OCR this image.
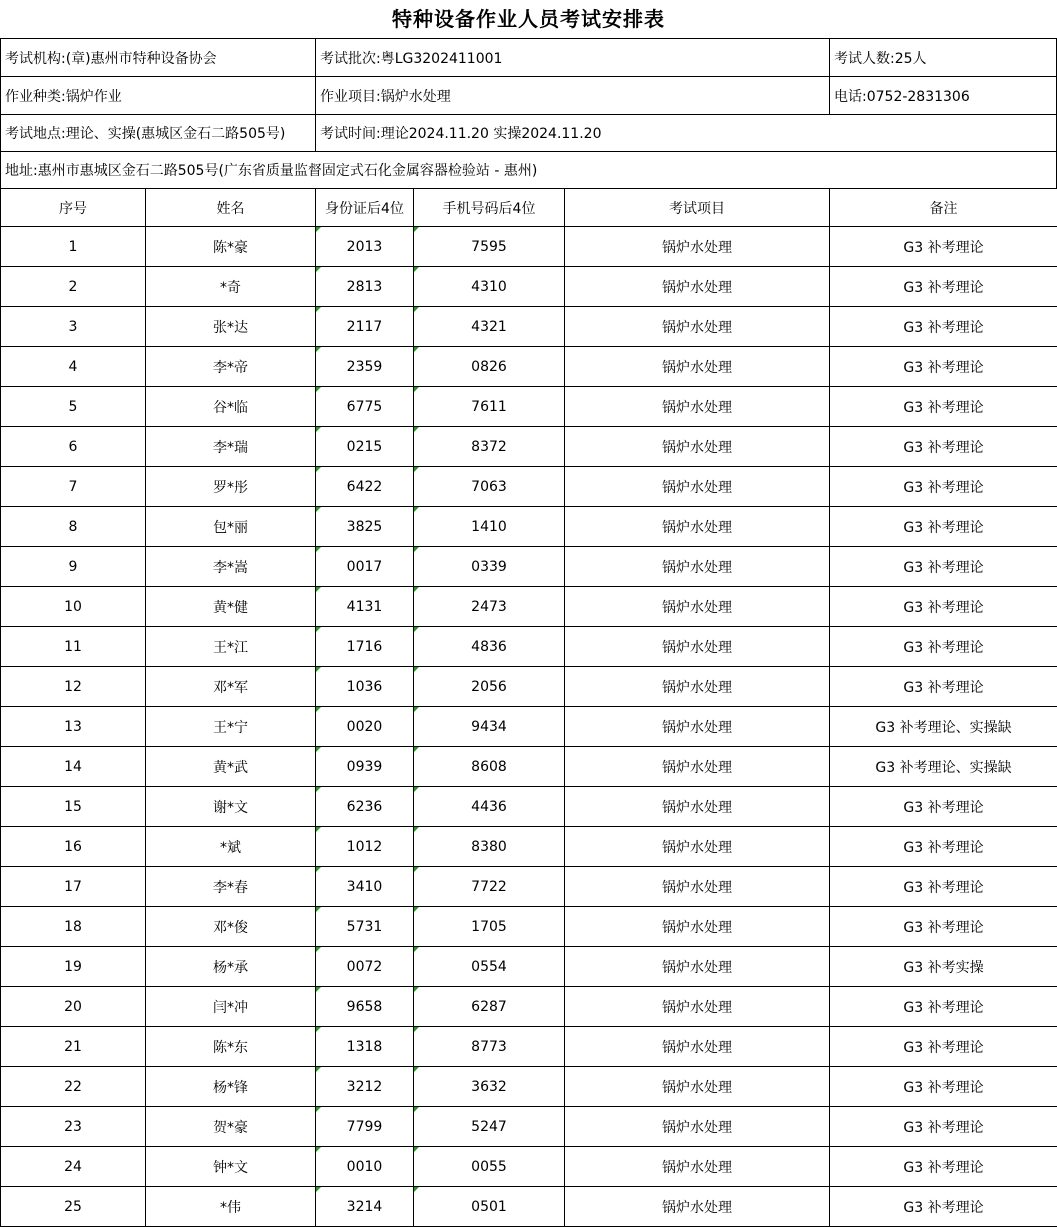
特种设备作业人员考试安排表
考试机构:(章)惠州市特种设备协会	考试批次:粤LG3202411001	考试人数:25人
作业种类:锅炉作业	作业项目:锅炉水处理	电话:0752-2831306
考试地点:理论、实操(惠城区金石二路505号)	考试时间:理论2024.11.20 实操2024.11.20
地址:惠州市惠城区金石二路505号(广东省质量监督固定式石化金属容器检验站 - 惠州)
序号	姓名	身份证后4位	手机号码后4位	考试项目	备注
1	陈*豪	2013	7595	锅炉水处理	G3 补考理论
2	*奇	2813	4310	锅炉水处理	G3 补考理论
3	张*达	2117	4321	锅炉水处理	G3 补考理论
4	李*帝	2359	0826	锅炉水处理	G3 补考理论
5	谷*临	6775	7611	锅炉水处理	G3 补考理论
6	李*瑞	0215	8372	锅炉水处理	G3 补考理论
7	罗*彤	6422	7063	锅炉水处理	G3 补考理论
8	包*丽	3825	1410	锅炉水处理	G3 补考理论
9	李*嵩	0017	0339	锅炉水处理	G3 补考理论
10	黄*健	4131	2473	锅炉水处理	G3 补考理论
11	王*江	1716	4836	锅炉水处理	G3 补考理论
12	邓*军	1036	2056	锅炉水处理	G3 补考理论
13	王*宁	0020	9434	锅炉水处理	G3 补考理论、实操缺
14	黄*武	0939	8608	锅炉水处理	G3 补考理论、实操缺
15	谢*文	6236	4436	锅炉水处理	G3 补考理论
16	*斌	1012	8380	锅炉水处理	G3 补考理论
17	李*春	3410	7722	锅炉水处理	G3 补考理论
18	邓*俊	5731	1705	锅炉水处理	G3 补考理论
19	杨*承	0072	0554	锅炉水处理	G3 补考实操
20	闫*冲	9658	6287	锅炉水处理	G3 补考理论
21	陈*东	1318	8773	锅炉水处理	G3 补考理论
22	杨*锋	3212	3632	锅炉水处理	G3 补考理论
23	贺*豪	7799	5247	锅炉水处理	G3 补考理论
24	钟*文	0010	0055	锅炉水处理	G3 补考理论
25	*伟	3214	0501	锅炉水处理	G3 补考理论
